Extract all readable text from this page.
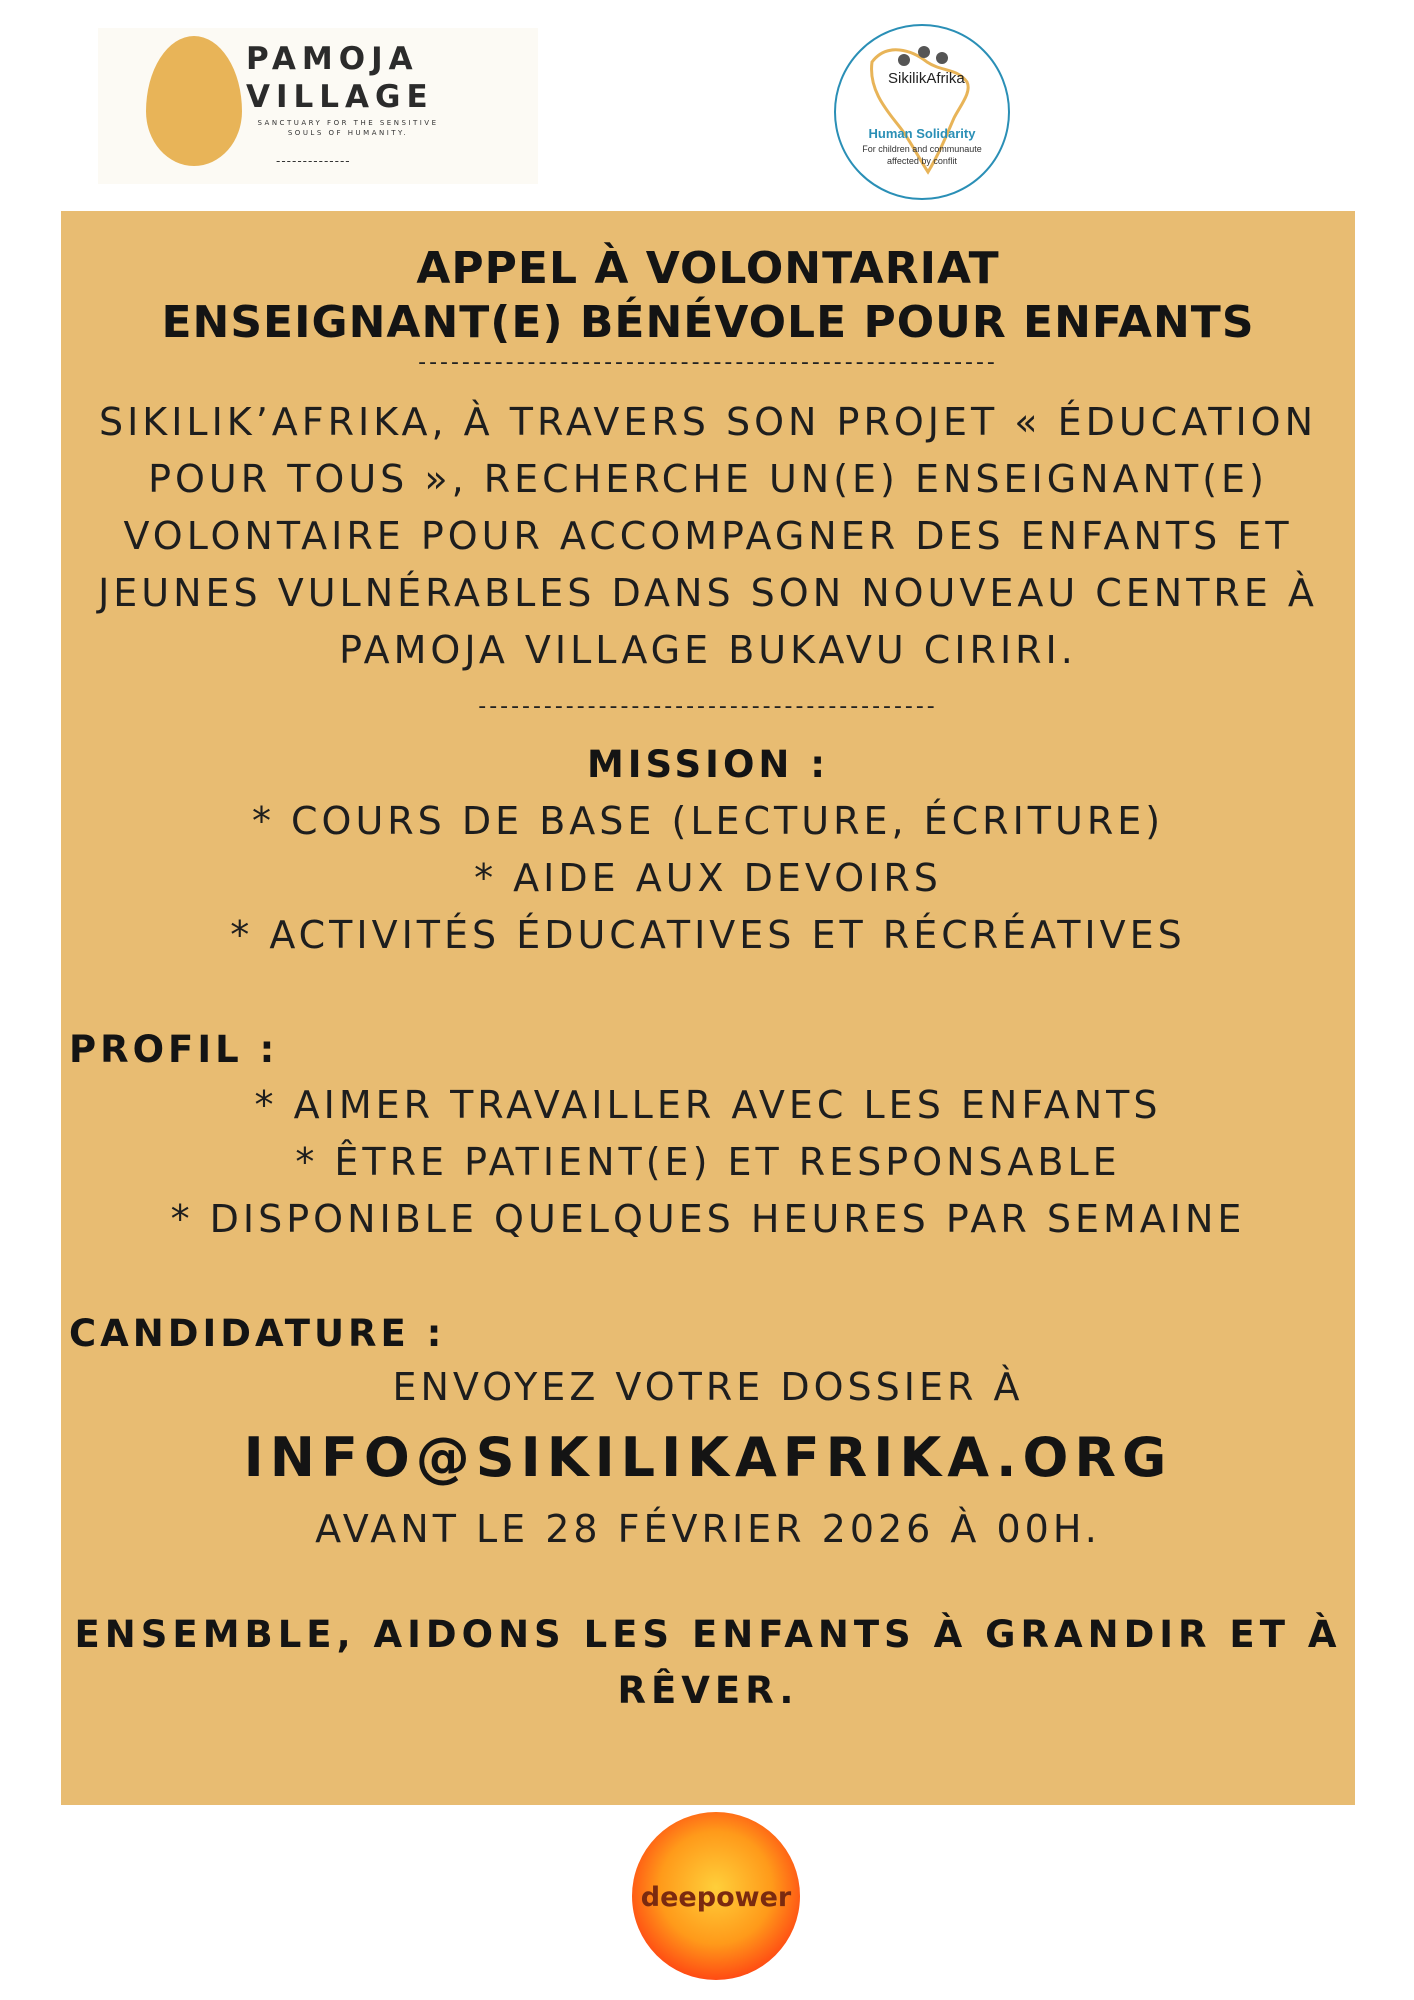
PAMOJA
VILLAGE
SANCTUARY FOR THE SENSITIVE SOULS OF HUMANITY.
--------------
SikilikAfrika
Human Solidarity
For children and communaute
affected by conflit
APPEL À VOLONTARIAT
ENSEIGNANT(E) BÉNÉVOLE POUR ENFANTS
-----------------------------------------------------
SIKILIK’AFRIKA, À TRAVERS SON PROJET « ÉDUCATION
POUR TOUS », RECHERCHE UN(E) ENSEIGNANT(E)
VOLONTAIRE POUR ACCOMPAGNER DES ENFANTS ET
JEUNES VULNÉRABLES DANS SON NOUVEAU CENTRE À
PAMOJA VILLAGE BUKAVU CIRIRI.
------------------------------------------
MISSION :
* COURS DE BASE (LECTURE, ÉCRITURE)
* AIDE AUX DEVOIRS
* ACTIVITÉS ÉDUCATIVES ET RÉCRÉATIVES
PROFIL :
* AIMER TRAVAILLER AVEC LES ENFANTS
* ÊTRE PATIENT(E) ET RESPONSABLE
* DISPONIBLE QUELQUES HEURES PAR SEMAINE
CANDIDATURE :
ENVOYEZ VOTRE DOSSIER À
INFO@SIKILIKAFRIKA.ORG
AVANT LE 28 FÉVRIER 2026 À 00H.
ENSEMBLE, AIDONS LES ENFANTS À GRANDIR ET À
RÊVER.
deepower
